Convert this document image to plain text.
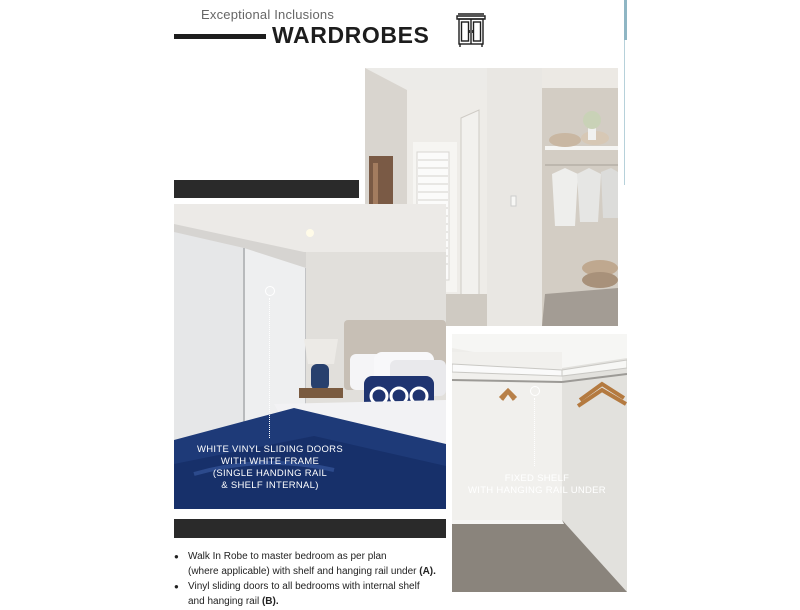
Exceptional Inclusions
WARDROBES
WHITE VINYL SLIDING DOORS
WITH WHITE FRAME
(SINGLE HANDING RAIL
& SHELF INTERNAL)
FIXED SHELF
WITH HANGING RAIL UNDER
● Walk In Robe to master bedroom as per plan
(where applicable) with shelf and hanging rail under (A).
● Vinyl sliding doors to all bedrooms with internal shelf
and hanging rail (B).
